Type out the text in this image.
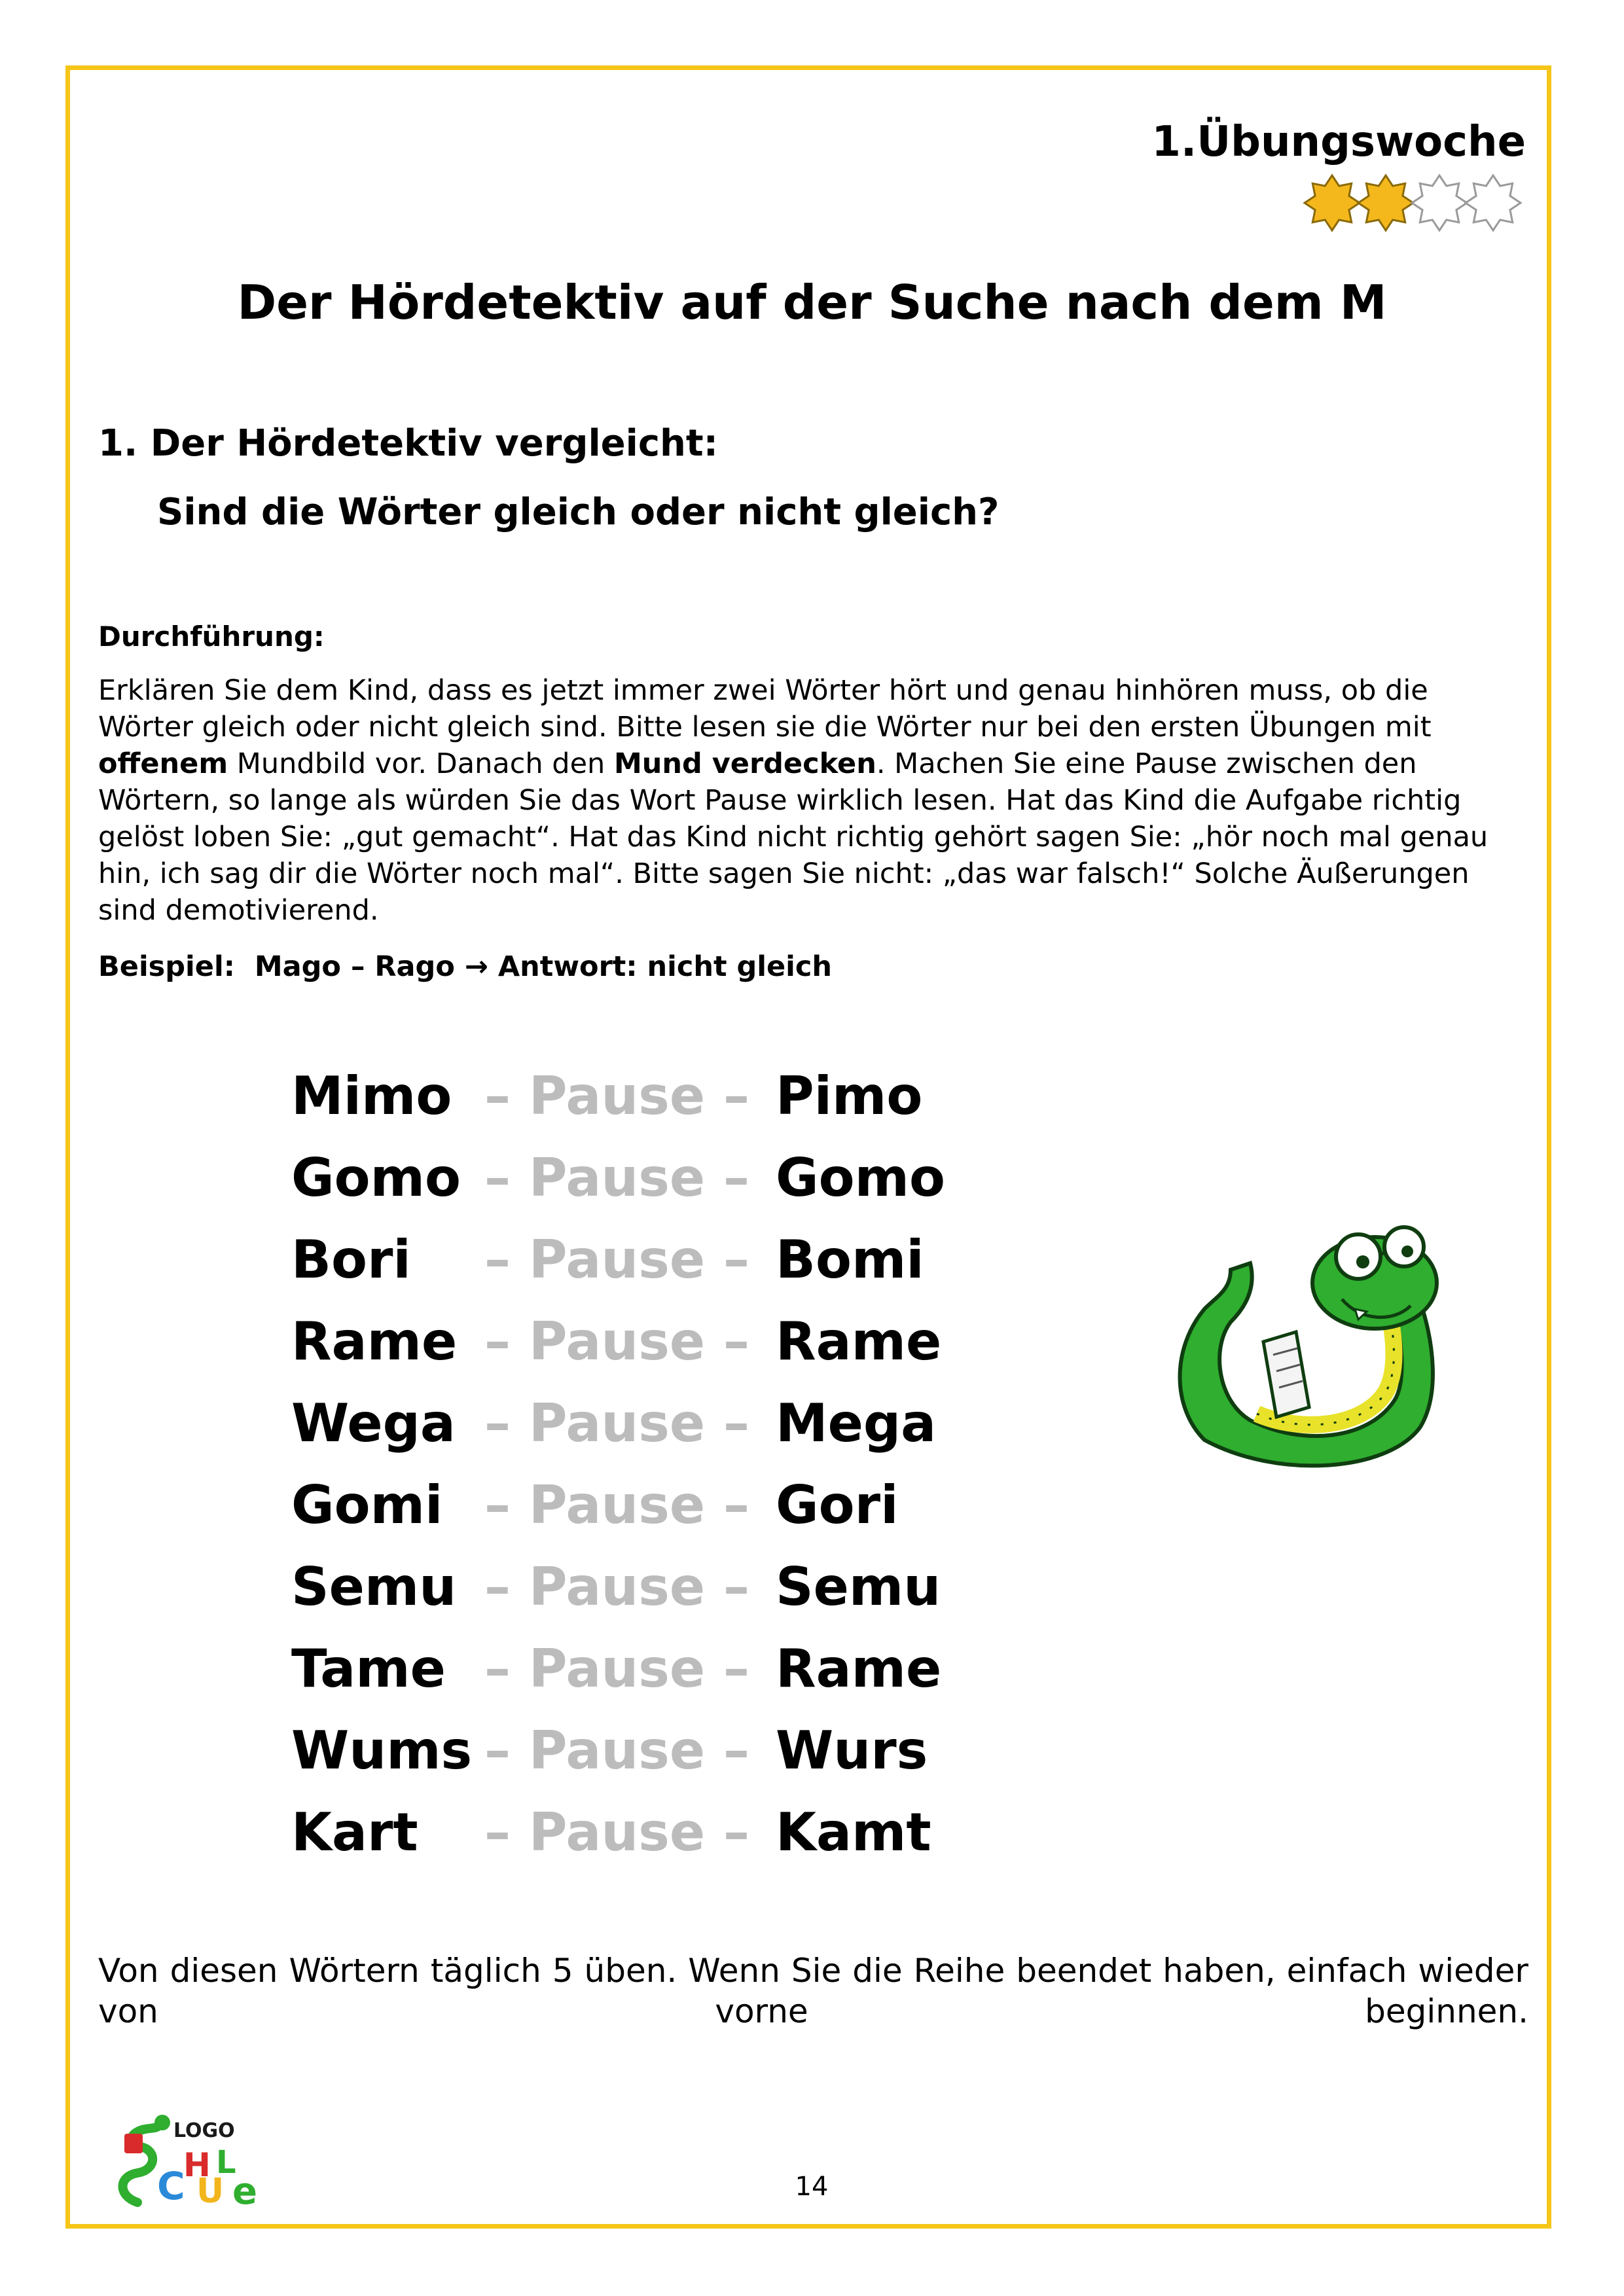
1.Übungswoche
Der Hördetektiv auf der Suche nach dem M
1. Der Hördetektiv vergleicht:
Sind die Wörter gleich oder nicht gleich?
Durchführung:
Erklären Sie dem Kind, dass es jetzt immer zwei Wörter hört und genau hinhören muss, ob die Wörter gleich oder nicht gleich sind. Bitte lesen sie die Wörter nur bei den ersten Übungen mit offenem Mundbild vor. Danach den Mund verdecken. Machen Sie eine Pause zwischen den Wörtern, so lange als würden Sie das Wort Pause wirklich lesen. Hat das Kind die Aufgabe richtig gelöst loben Sie: „gut gemacht“. Hat das Kind nicht richtig gehört sagen Sie: „hör noch mal genau hin, ich sag dir die Wörter noch mal“. Bitte sagen Sie nicht: „das war falsch!“ Solche Äußerungen sind demotivierend.
Beispiel: Mago – Rago → Antwort: nicht gleich
Mimo – Pause – Pimo
Gomo – Pause – Gomo
Bori – Pause – Bomi
Rame – Pause – Rame
Wega – Pause – Mega
Gomi – Pause – Gori
Semu – Pause – Semu
Tame – Pause – Rame
Wums – Pause – Wurs
Kart – Pause – Kamt
Von diesen Wörtern täglich 5 üben. Wenn Sie die Reihe beendet haben, einfach wieder von vorne beginnen.
LOGO
C
H
U
L
e
S
14
